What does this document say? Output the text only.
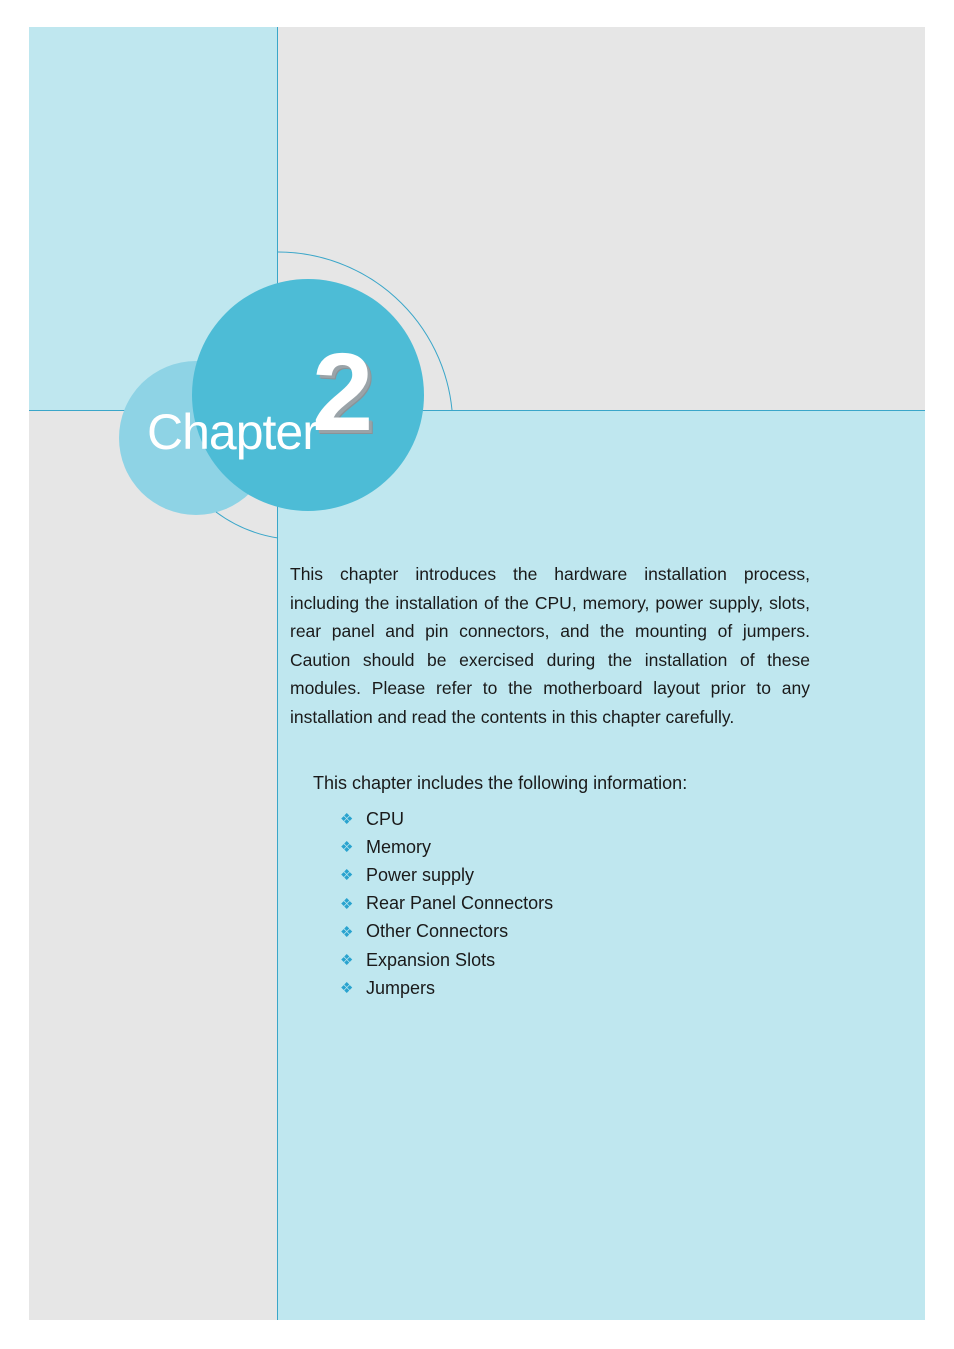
Chapter
2

This chapter introduces the hardware installation process, including the installation of the CPU, memory, power supply, slots, rear panel and pin connectors, and the mounting of jumpers. Caution should be exercised during the installation of these modules. Please refer to the motherboard layout prior to any installation and read the contents in this chapter carefully.

This chapter includes the following information:

❖ CPU
❖ Memory
❖ Power supply
❖ Rear Panel Connectors
❖ Other Connectors
❖ Expansion Slots
❖ Jumpers
